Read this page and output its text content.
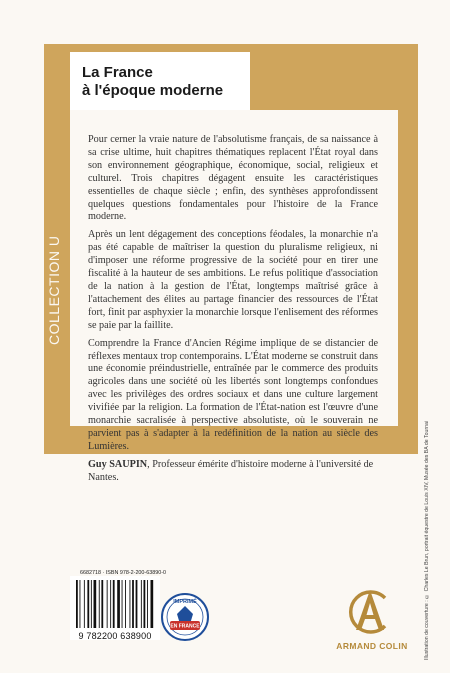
COLLECTION U
La France
à l'époque moderne

Pour cerner la vraie nature de l'absolutisme français, de sa naissance à sa crise ultime, huit chapitres thématiques replacent l'État royal dans son environnement géographique, économique, social, religieux et culturel. Trois chapitres dégagent ensuite les caractéristiques essentielles de chaque siècle ; enfin, des synthèses approfondissent quelques questions fondamentales pour l'histoire de la France moderne.

Après un lent dégagement des conceptions féodales, la monarchie n'a pas été capable de maîtriser la question du pluralisme religieux, ni d'imposer une réforme progressive de la société pour en tirer une fiscalité à la hauteur de ses ambitions. Le refus politique d'association de la nation à la gestion de l'État, longtemps maîtrisé grâce à l'attachement des élites au partage financier des ressources de l'État fort, finit par asphyxier la monarchie lorsque l'enlisement des réformes se paie par la faillite.

Comprendre la France d'Ancien Régime implique de se distancier de réflexes mentaux trop contemporains. L'État moderne se construit dans une économie préindustrielle, entraînée par le commerce des produits agricoles dans une société où les libertés sont longtemps confondues avec les privilèges des ordres sociaux et dans une culture largement vivifiée par la religion. La formation de l'État-nation est l'œuvre d'une monarchie sacralisée à perspective absolutiste, où le souverain ne parvient pas à s'adapter à la redéfinition de la nation au siècle des Lumières.

Guy SAUPIN, Professeur émérite d'histoire moderne à l'université de Nantes.
6682718 · ISBN 978-2-200-63890-0
9 782200 638900
IMPRIMÉ
EN FRANCE
ARMAND COLIN	Illustration de couverture : © Charles Le Brun, portrait équestre de Louis XIV, Musée des BA de Tournai
